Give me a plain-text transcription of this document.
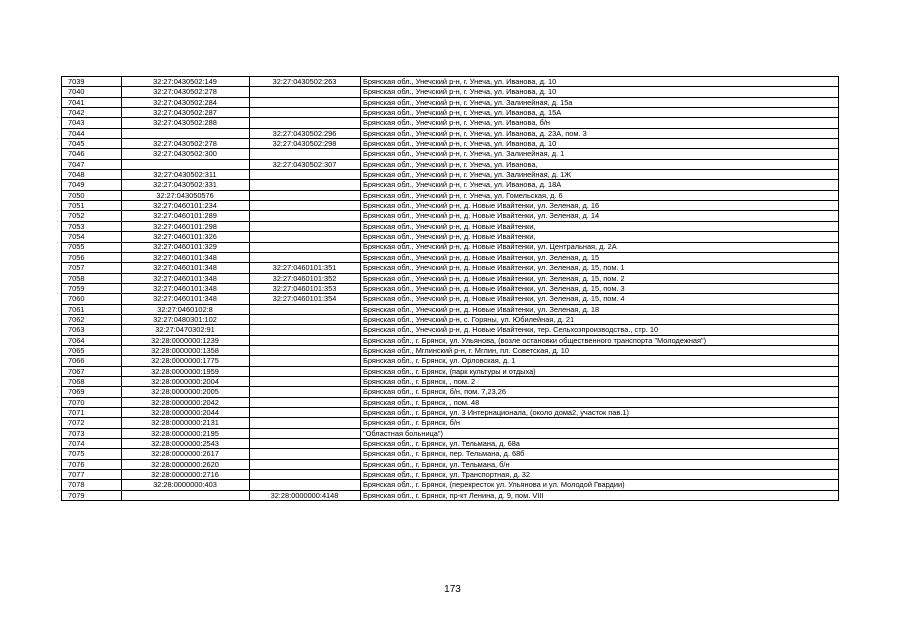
7039	32:27:0430502:149	32:27:0430502:263	Брянская обл., Унечский р-н, г. Унеча, ул. Иванова, д. 10
7040	32:27:0430502:278		Брянская обл., Унечский р-н, г. Унеча, ул. Иванова, д. 10
7041	32:27:0430502:284		Брянская обл., Унечский р-н, г. Унеча, ул. Залинейная, д. 15а
7042	32:27:0430502:287		Брянская обл., Унечский р-н, г. Унеча, ул. Иванова, д. 15А
7043	32:27:0430502:288		Брянская обл., Унечский р-н, г. Унеча, ул. Иванова, б/н
7044		32:27:0430502:296	Брянская обл., Унечский р-н, г. Унеча, ул. Иванова, д. 23А, пом. 3
7045	32:27:0430502:278	32:27:0430502:298	Брянская обл., Унечский р-н, г. Унеча, ул. Иванова, д. 10
7046	32:27:0430502:300		Брянская обл., Унечский р-н, г. Унеча, ул. Залинейная, д. 1
7047		32:27:0430502:307	Брянская обл., Унечский р-н, г. Унеча, ул. Иванова,
7048	32:27:0430502:311		Брянская обл., Унечский р-н, г. Унеча, ул. Залинейная, д. 1Ж
7049	32:27:0430502:331		Брянская обл., Унечский р-н, г. Унеча, ул. Иванова, д. 18А
7050	32:27:043050576		Брянская обл., Унечский р-н, г. Унеча, ул. Гомельская, д. 6
7051	32:27:0460101:234		Брянская обл., Унечский р-н, д. Новые Ивайтенки, ул. Зеленая, д. 16
7052	32:27:0460101:289		Брянская обл., Унечский р-н, д. Новые Ивайтенки, ул. Зеленая, д. 14
7053	32:27:0460101:298		Брянская обл., Унечский р-н, д. Новые Ивайтенки,
7054	32:27:0460101:326		Брянская обл., Унечский р-н, д. Новые Ивайтенки,
7055	32:27:0460101:329		Брянская обл., Унечский р-н, д. Новые Ивайтенки, ул. Центральная, д. 2А
7056	32:27:0460101:348		Брянская обл., Унечский р-н, д. Новые Ивайтенки, ул. Зеленая, д. 15
7057	32:27:0460101:348	32:27:0460101:351	Брянская обл., Унечский р-н, д. Новые Ивайтенки, ул. Зеленая, д. 15, пом. 1
7058	32:27:0460101:348	32:27:0460101:352	Брянская обл., Унечский р-н, д. Новые Ивайтенки, ул. Зеленая, д. 15, пом. 2
7059	32:27:0460101:348	32:27:0460101:353	Брянская обл., Унечский р-н, д. Новые Ивайтенки, ул. Зеленая, д. 15, пом. 3
7060	32:27:0460101:348	32:27:0460101:354	Брянская обл., Унечский р-н, д. Новые Ивайтенки, ул. Зеленая, д. 15, пом. 4
7061	32:27:0460102:8		Брянская обл., Унечский р-н, д. Новые Ивайтенки, ул. Зеленая, д. 18
7062	32:27:0480301:102		Брянская обл., Унечский р-н, с. Горяны, ул. Юбилейная, д. 21
7063	32:27:0470302:91		Брянская обл., Унечский р-н, д. Новые Ивайтенки, тер. Сельхозпроизводства., стр. 10
7064	32:28:0000000:1239		Брянская обл., г. Брянск, ул. Ульянова, (возле остановки общественного транспорта "Молодежная")
7065	32:28:0000000:1358		Брянская обл., Мглинский р-н, г. Мглин, пл. Советская, д. 10
7066	32:28:0000000:1775		Брянская обл., г. Брянск, ул. Орловская, д. 1
7067	32:28:0000000:1959		Брянская обл., г. Брянск, (парк культуры и отдыха)
7068	32:28:0000000:2004		Брянская обл., г. Брянск, , пом. 2
7069	32:28:0000000:2005		Брянская обл., г. Брянск, б/н, пом. 7,23,26
7070	32:28:0000000:2042		Брянская обл., г. Брянск, , пом. 48
7071	32:28:0000000:2044		Брянская обл., г. Брянск, ул. 3 Интернационала, (около дома2, участок пав.1)
7072	32:28:0000000:2131		Брянская обл., г. Брянск, б/н
7073	32:28:0000000:2195		"Областная больница")
7074	32:28:0000000:2543		Брянская обл., г. Брянск, ул. Тельмана, д. 68а
7075	32:28:0000000:2617		Брянская обл., г. Брянск, пер. Тельмана, д. 68б
7076	32:28:0000000:2620		Брянская обл., г. Брянск, ул. Тельмана, б/н
7077	32:28:0000000:2716		Брянская обл., г. Брянск, ул. Транспортная, д. 32
7078	32:28:0000000:403		Брянская обл., г. Брянск, (перекресток ул. Ульянова и ул. Молодой Гвардии)
7079		32:28:0000000:4148	Брянская обл., г. Брянск, пр-кт Ленина, д. 9, пом. VIII
173
